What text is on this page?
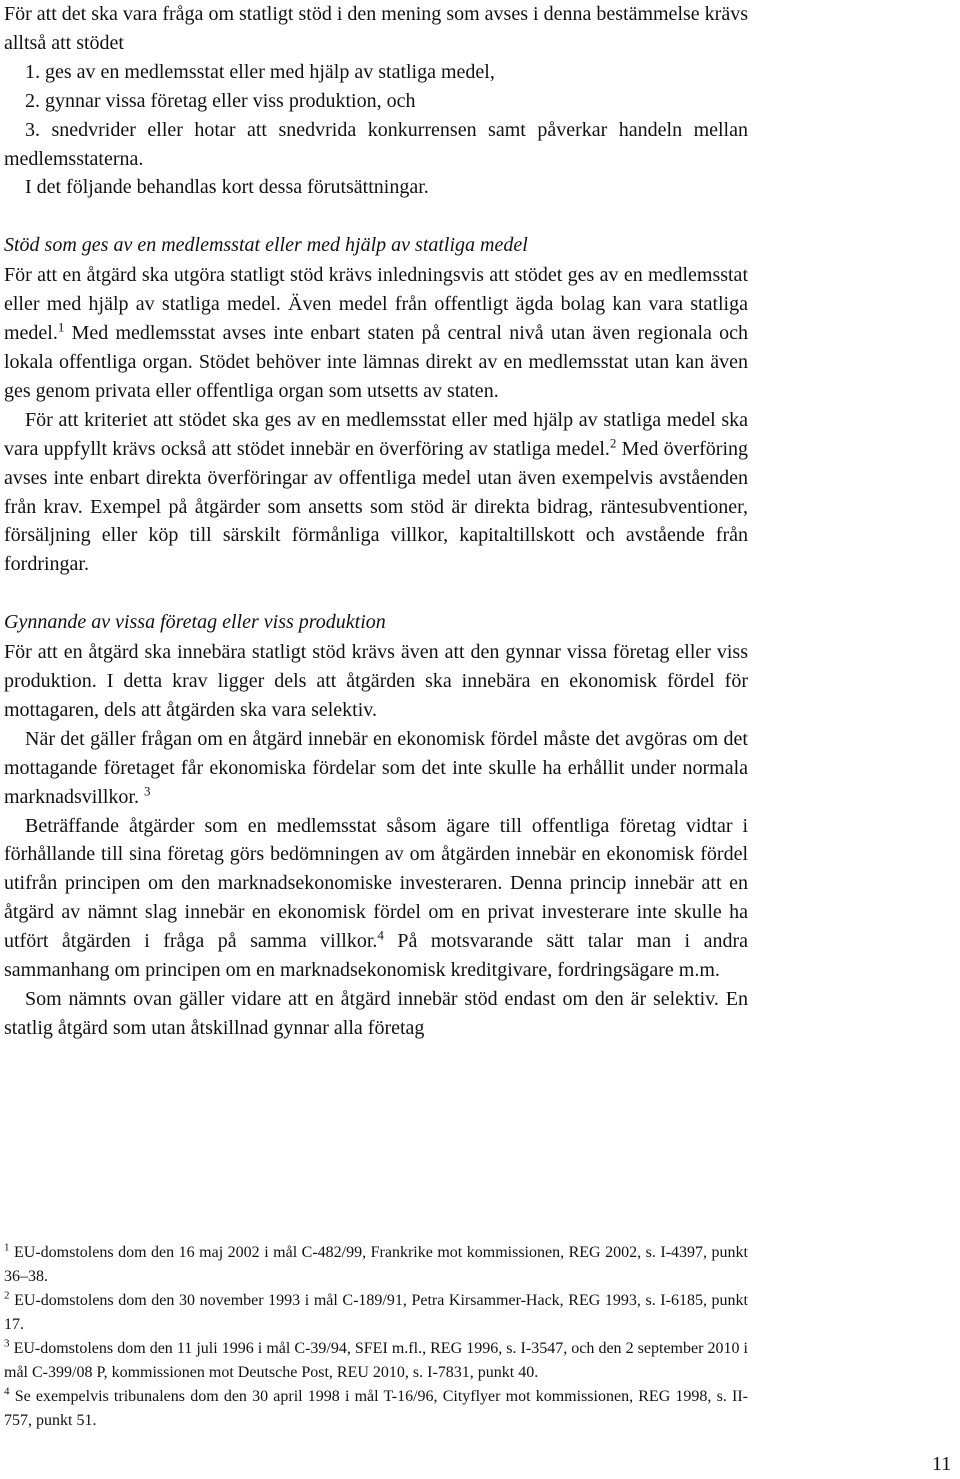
För att det ska vara fråga om statligt stöd i den mening som avses i denna bestämmelse krävs alltså att stödet

1. ges av en medlemsstat eller med hjälp av statliga medel,

2. gynnar vissa företag eller viss produktion, och

3. snedvrider eller hotar att snedvrida konkurrensen samt påverkar handeln mellan medlemsstaterna.

I det följande behandlas kort dessa förutsättningar.

Stöd som ges av en medlemsstat eller med hjälp av statliga medel

För att en åtgärd ska utgöra statligt stöd krävs inledningsvis att stödet ges av en medlemsstat eller med hjälp av statliga medel. Även medel från offentligt ägda bolag kan vara statliga medel.$^1$ Med medlemsstat avses inte enbart staten på central nivå utan även regionala och lokala offentliga organ. Stödet behöver inte lämnas direkt av en medlemsstat utan kan även ges genom privata eller offentliga organ som utsetts av staten.

För att kriteriet att stödet ska ges av en medlemsstat eller med hjälp av statliga medel ska vara uppfyllt krävs också att stödet innebär en överföring av statliga medel.$^2$ Med överföring avses inte enbart direkta överföringar av offentliga medel utan även exempelvis avståenden från krav. Exempel på åtgärder som ansetts som stöd är direkta bidrag, räntesubventioner, försäljning eller köp till särskilt förmånliga villkor, kapitaltillskott och avstående från fordringar.

Gynnande av vissa företag eller viss produktion

För att en åtgärd ska innebära statligt stöd krävs även att den gynnar vissa företag eller viss produktion. I detta krav ligger dels att åtgärden ska innebära en ekonomisk fördel för mottagaren, dels att åtgärden ska vara selektiv.

När det gäller frågan om en åtgärd innebär en ekonomisk fördel måste det avgöras om det mottagande företaget får ekonomiska fördelar som det inte skulle ha erhållit under normala marknadsvillkor. $^3$

Beträffande åtgärder som en medlemsstat såsom ägare till offentliga företag vidtar i förhållande till sina företag görs bedömningen av om åtgärden innebär en ekonomisk fördel utifrån principen om den marknadsekonomiske investeraren. Denna princip innebär att en åtgärd av nämnt slag innebär en ekonomisk fördel om en privat investerare inte skulle ha utfört åtgärden i fråga på samma villkor.$^4$ På motsvarande sätt talar man i andra sammanhang om principen om en marknadsekonomisk kreditgivare, fordringsägare m.m.

Som nämnts ovan gäller vidare att en åtgärd innebär stöd endast om den är selektiv. En statlig åtgärd som utan åtskillnad gynnar alla företag

$^1$ EU-domstolens dom den 16 maj 2002 i mål C-482/99, Frankrike mot kommissionen, REG 2002, s. I-4397, punkt 36–38.

$^2$ EU-domstolens dom den 30 november 1993 i mål C-189/91, Petra Kirsammer-Hack, REG 1993, s. I-6185, punkt 17.

$^3$ EU-domstolens dom den 11 juli 1996 i mål C-39/94, SFEI m.fl., REG 1996, s. I-3547, och den 2 september 2010 i mål C-399/08 P, kommissionen mot Deutsche Post, REU 2010, s. I-7831, punkt 40.

$^4$ Se exempelvis tribunalens dom den 30 april 1998 i mål T-16/96, Cityflyer mot kommissionen, REG 1998, s. II-757, punkt 51.

11
